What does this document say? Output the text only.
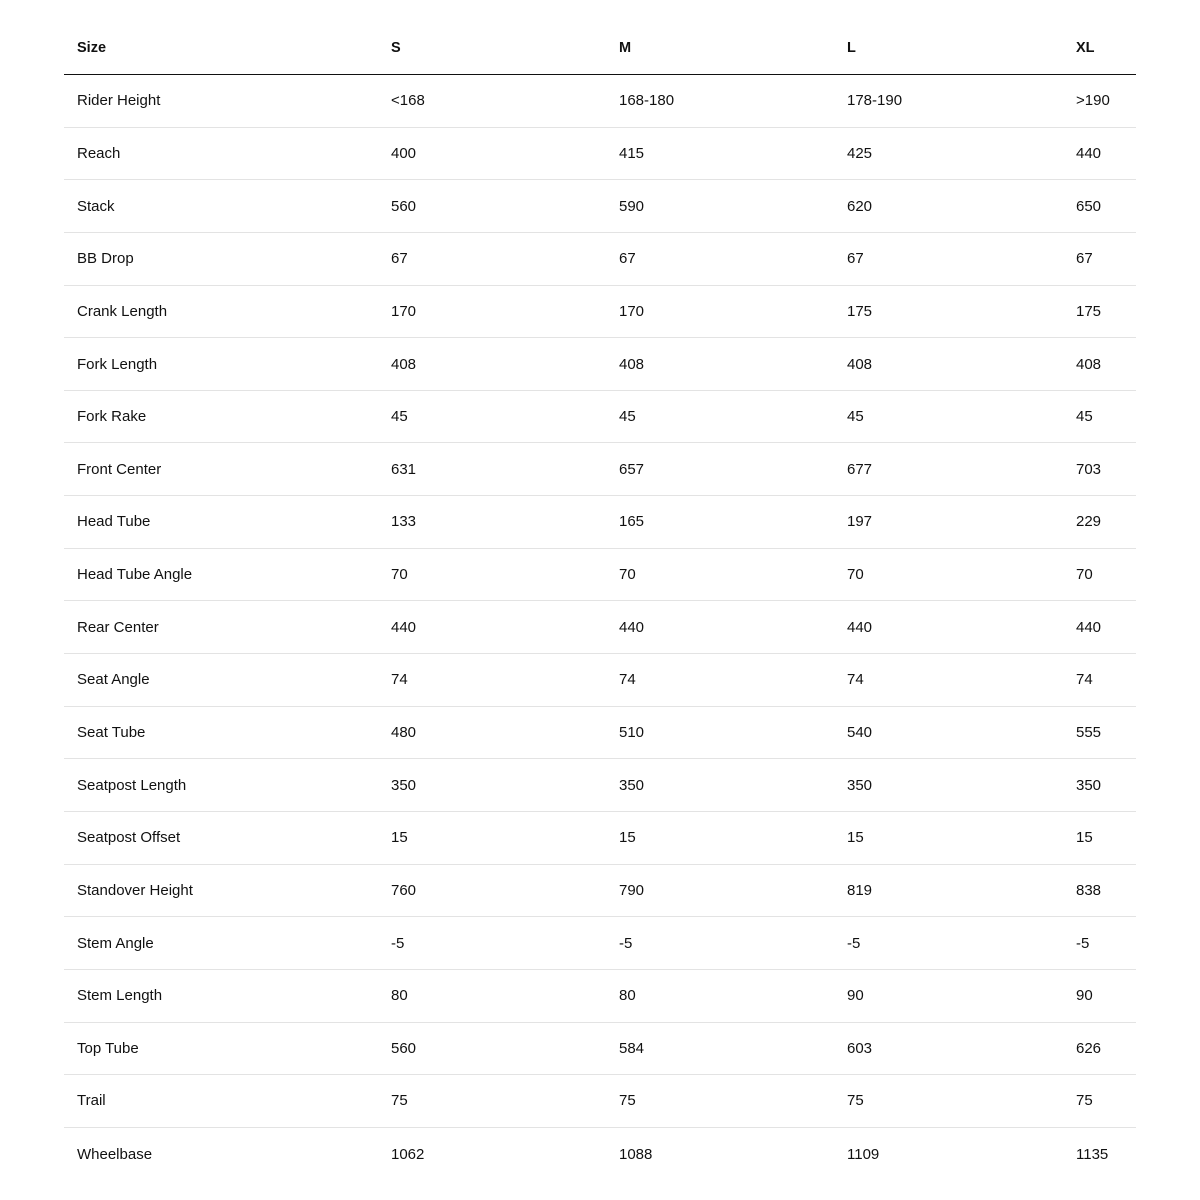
Size	S	M	L	XL
Rider Height	<168	168-180	178-190	>190
Reach	400	415	425	440
Stack	560	590	620	650
BB Drop	67	67	67	67
Crank Length	170	170	175	175
Fork Length	408	408	408	408
Fork Rake	45	45	45	45
Front Center	631	657	677	703
Head Tube	133	165	197	229
Head Tube Angle	70	70	70	70
Rear Center	440	440	440	440
Seat Angle	74	74	74	74
Seat Tube	480	510	540	555
Seatpost Length	350	350	350	350
Seatpost Offset	15	15	15	15
Standover Height	760	790	819	838
Stem Angle	-5	-5	-5	-5
Stem Length	80	80	90	90
Top Tube	560	584	603	626
Trail	75	75	75	75
Wheelbase	1062	1088	1109	1135
